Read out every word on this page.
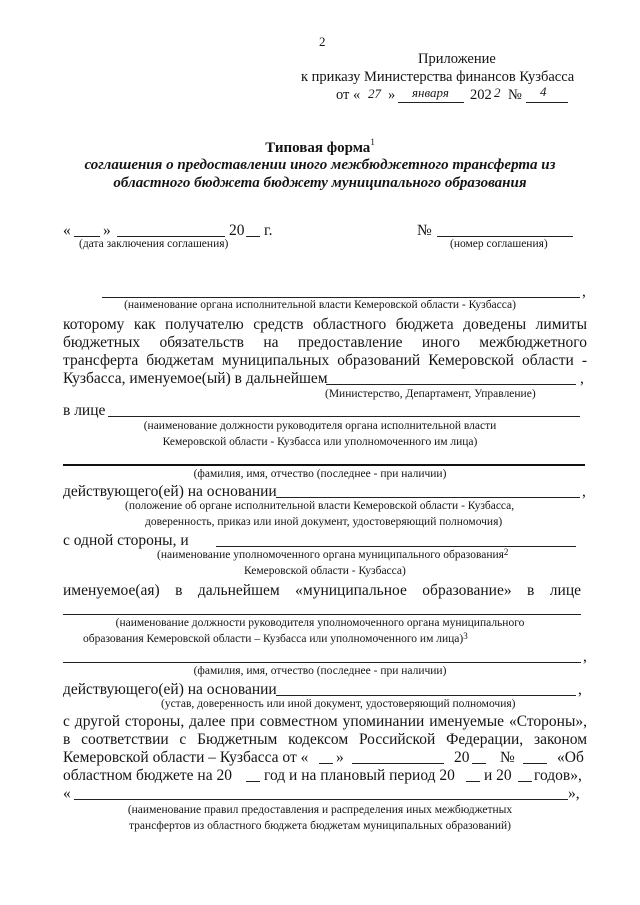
2
Приложение
к приказу Министерства финансов Кузбасса
от « 27 » января 202 2 № 4
Типовая форма$^1$
соглашения о предоставлении иного межбюджетного трансферта из
областного бюджета бюджету муниципального образования
« »	20 г.	№
(дата заключения соглашения)	(номер соглашения)
,
(наименование органа исполнительной власти Кемеровской области - Кузбасса)
которому как получателю средств областного бюджета доведены лимиты
бюджетных обязательств на предоставление иного межбюджетного
трансферта бюджетам муниципальных образований Кемеровской области -
Кузбасса, именуемое(ый) в дальнейшем	,
(Министерство, Департамент, Управление)
в лице
(наименование должности руководителя органа исполнительной власти
Кемеровской области - Кузбасса или уполномоченного им лица)
(фамилия, имя, отчество (последнее - при наличии)
действующего(ей) на основании	,
(положение об органе исполнительной власти Кемеровской области - Кузбасса,
доверенность, приказ или иной документ, удостоверяющий полномочия)
с одной стороны, и
(наименование уполномоченного органа муниципального образования$^2$
Кемеровской области - Кузбасса)
именуемое(ая) в дальнейшем «муниципальное образование» в лице
(наименование должности руководителя уполномоченного органа муниципального
образования Кемеровской области – Кузбасса или уполномоченного им лица)$^3$
,
(фамилия, имя, отчество (последнее - при наличии)
действующего(ей) на основании	,
(устав, доверенность или иной документ, удостоверяющий полномочия)
с другой стороны, далее при совместном упоминании именуемые «Стороны»,
в соответствии с Бюджетным кодексом Российской Федерации, законом
Кемеровской области – Кузбасса от « »	20 №	«Об
областном бюджете на 20 год и на плановый период 20 и 20 годов»,
«	»,
(наименование правил предоставления и распределения иных межбюджетных
трансфертов из областного бюджета бюджетам муниципальных образований)
